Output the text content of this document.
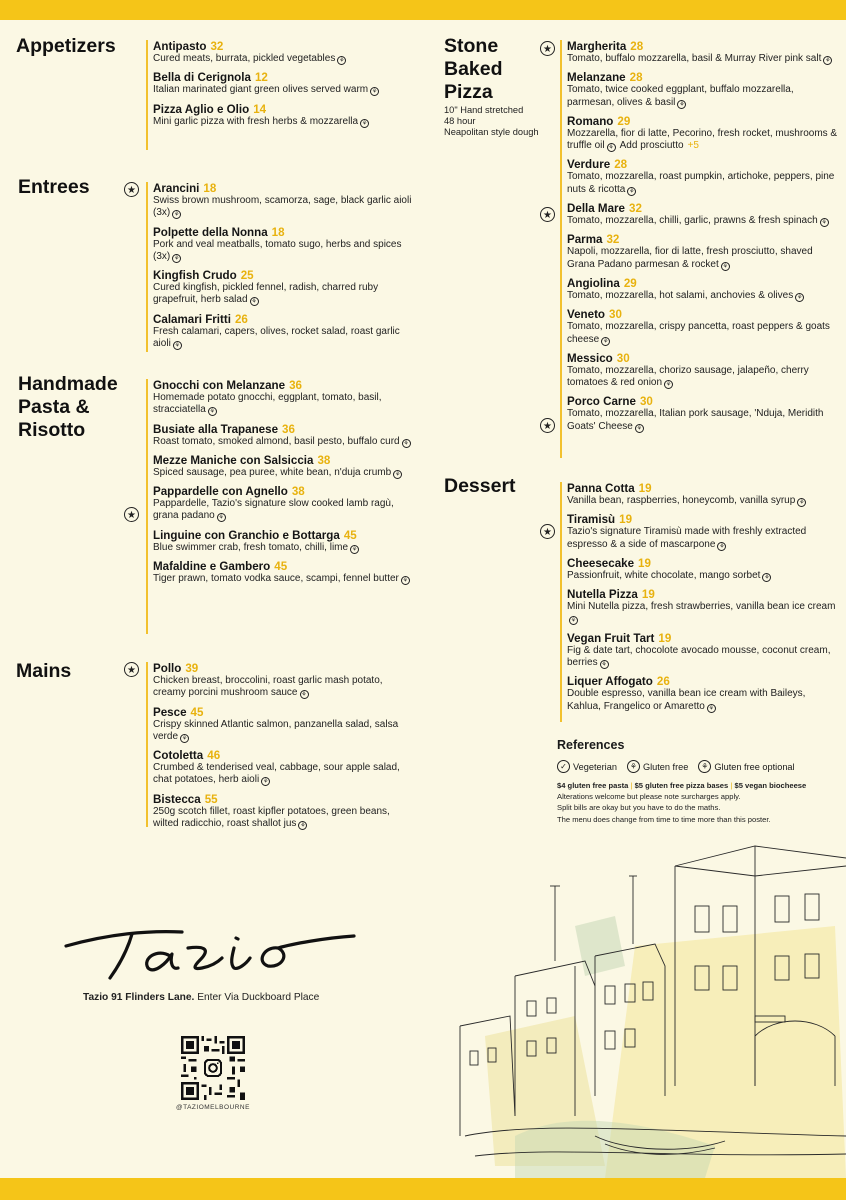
Appetizers	Antipasto 32
Cured meats, burrata, pickled vegetables ⚘
Bella di Cerignola 12
Italian marinated giant green olives served warm ⚘
Pizza Aglio e Olio 14
Mini garlic pizza with fresh herbs & mozzarella ⚘
Entrees	★ Arancini 18
Swiss brown mushroom, scamorza, sage, black garlic aioli (3x) ⚘
Polpette della Nonna 18
Pork and veal meatballs, tomato sugo, herbs and spices (3x) ⚘
Kingfish Crudo 25
Cured kingfish, pickled fennel, radish, charred ruby grapefruit, herb salad ⚘
Calamari Fritti 26
Fresh calamari, capers, olives, rocket salad, roast garlic aioli ⚘
Handmade
Pasta &
Risotto
★
Gnocchi con Melanzane 36
Homemade potato gnocchi, eggplant, tomato, basil, stracciatella ⚘
Busiate alla Trapanese 36
Roast tomato, smoked almond, basil pesto, buffalo curd ⚘
Mezze Maniche con Salsiccia 38
Spiced sausage, pea puree, white bean, n'duja crumb ⚘
Pappardelle con Agnello 38
Pappardelle, Tazio's signature slow cooked lamb ragù, grana padano ⚘
Linguine con Granchio e Bottarga 45
Blue swimmer crab, fresh tomato, chilli, lime ⚘
Mafaldine e Gambero 45
Tiger prawn, tomato vodka sauce, scampi, fennel butter ⚘
Mains	★ Pollo 39
Chicken breast, broccolini, roast garlic mash potato, creamy porcini mushroom sauce ⚘
Pesce 45
Crispy skinned Atlantic salmon, panzanella salad, salsa verde ⚘
Cotoletta 46
Crumbed & tenderised veal, cabbage, sour apple salad, chat potatoes, herb aioli ⚘
Bistecca 55
250g scotch fillet, roast kipfler potatoes, green beans, wilted radicchio, roast shallot jus ⚘
Stone
Baked
Pizza
10" Hand stretched
48 hour
Neapolitan style dough
★
★
★
Margherita 28
Tomato, buffalo mozzarella, basil & Murray River pink salt ⚘
Melanzane 28
Tomato, twice cooked eggplant, buffalo mozzarella, parmesan, olives & basil ⚘
Romano 29
Mozzarella, fior di latte, Pecorino, fresh rocket, mushrooms & truffle oil ⚘ Add prosciutto +5
Verdure 28
Tomato, mozzarella, roast pumpkin, artichoke, peppers, pine nuts & ricotta ⚘
Della Mare 32
Tomato, mozzarella, chilli, garlic, prawns & fresh spinach ⚘
Parma 32
Napoli, mozzarella, fior di latte, fresh prosciutto, shaved Grana Padano parmesan & rocket ⚘
Angiolina 29
Tomato, mozzarella, hot salami, anchovies & olives ⚘
Veneto 30
Tomato, mozzarella, crispy pancetta, roast peppers & goats cheese ⚘
Messico 30
Tomato, mozzarella, chorizo sausage, jalapeño, cherry tomatoes & red onion ⚘
Porco Carne 30
Tomato, mozzarella, Italian pork sausage, 'Nduja, Meridith Goats' Cheese ⚘
Dessert
★
Panna Cotta 19
Vanilla bean, raspberries, honeycomb, vanilla syrup ⚘
Tiramisù 19
Tazio's signature Tiramisù made with freshly extracted espresso & a side of mascarpone ⚘
Cheesecake 19
Passionfruit, white chocolate, mango sorbet ⚘
Nutella Pizza 19
Mini Nutella pizza, fresh strawberries, vanilla bean ice cream⚘
Vegan Fruit Tart 19
Fig & date tart, chocolote avocado mousse, coconut cream, berries ⚘
Liquer Affogato 26
Double espresso, vanilla bean ice cream with Baileys, Kahlua, Frangelico or Amaretto ⚘
References
✓ Vegeterian	⚘ Gluten free	⚘ Gluten free optional
$4 gluten free pasta | $5 gluten free pizza bases | $5 vegan biocheese
Alterations welcome but please note surcharges apply.
Split bills are okay but you have to do the maths.
The menu does change from time to time more than this poster.
Tazio 91 Flinders Lane. Enter Via Duckboard Place
@TAZIOMELBOURNE
